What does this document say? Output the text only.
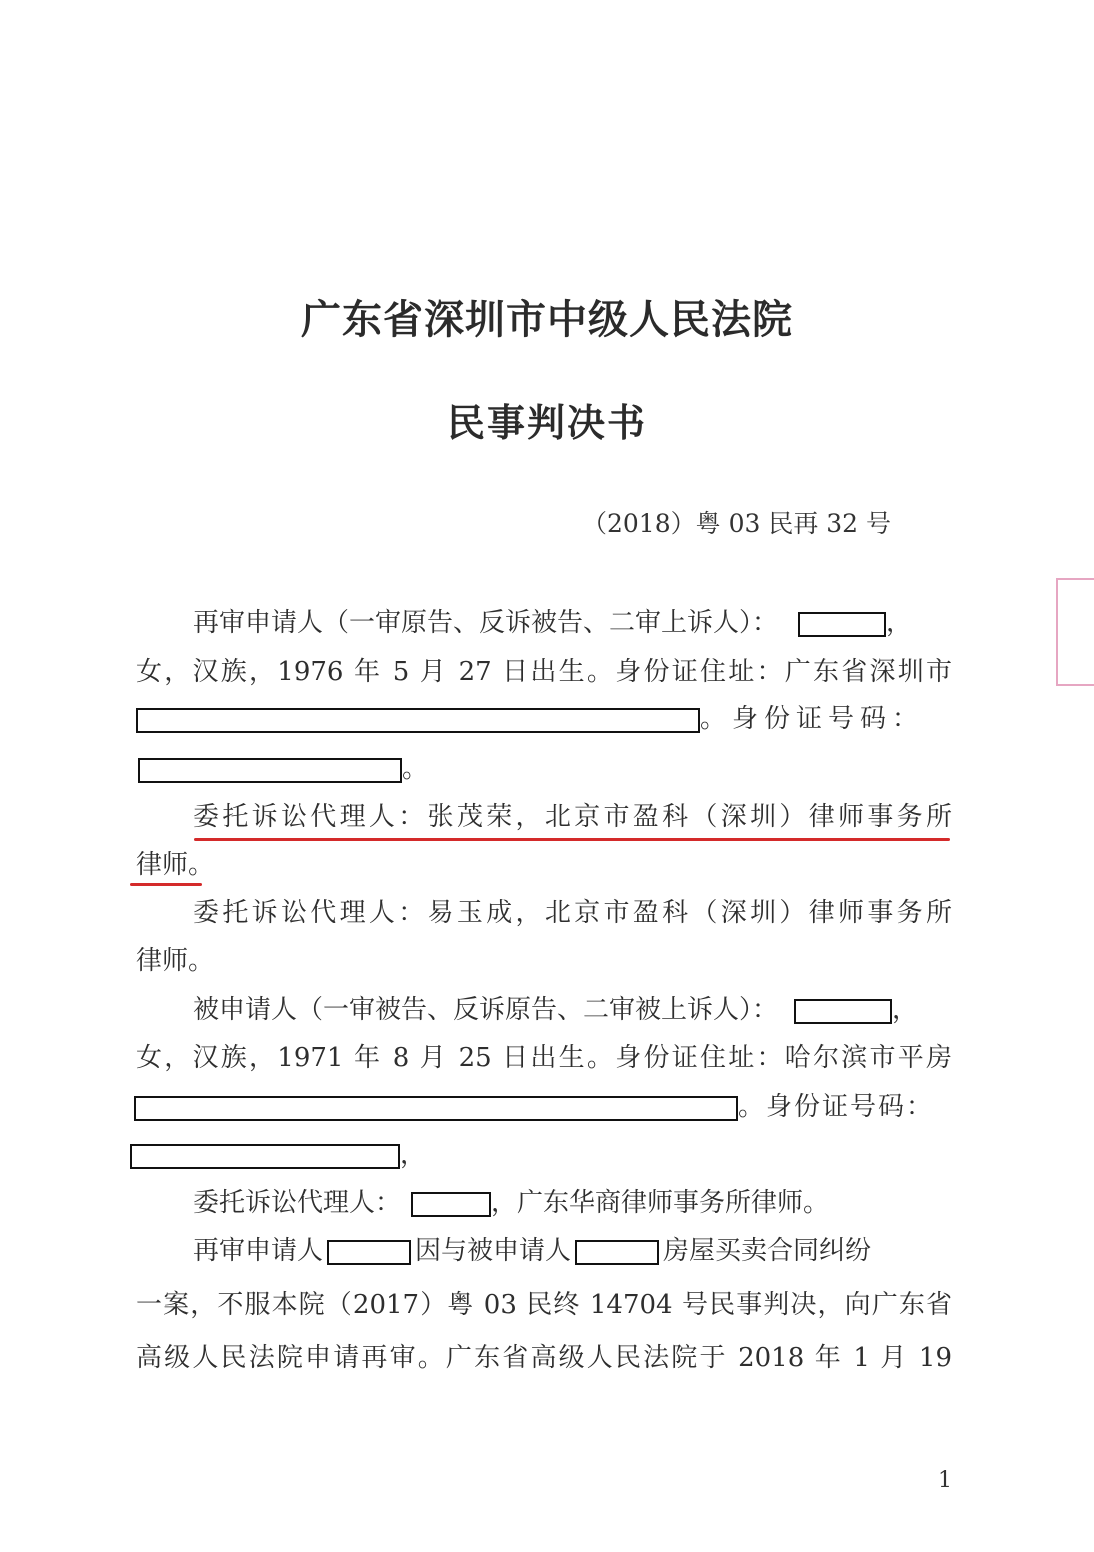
广东省深圳市中级人民法院
民事判决书
（2018）粤 03 民再 32 号
再审申请人（一审原告、反诉被告、二审上诉人）：	，
女，汉族，1976 年 5 月 27 日出生。身份证住址：广东省深圳市
。身份证号码：
。
委托诉讼代理人：张茂荣，北京市盈科（深圳）律师事务所
律师。
委托诉讼代理人：易玉成，北京市盈科（深圳）律师事务所
律师。
被申请人（一审被告、反诉原告、二审被上诉人）：	，
女，汉族，1971 年 8 月 25 日出生。身份证住址：哈尔滨市平房
。身份证号码：
，
委托诉讼代理人：	，广东华商律师事务所律师。
再审申请人	因与被申请人	房屋买卖合同纠纷
一案，不服本院（2017）粤 03 民终 14704 号民事判决，向广东省
高级人民法院申请再审。广东省高级人民法院于 2018 年 1 月 19
1
